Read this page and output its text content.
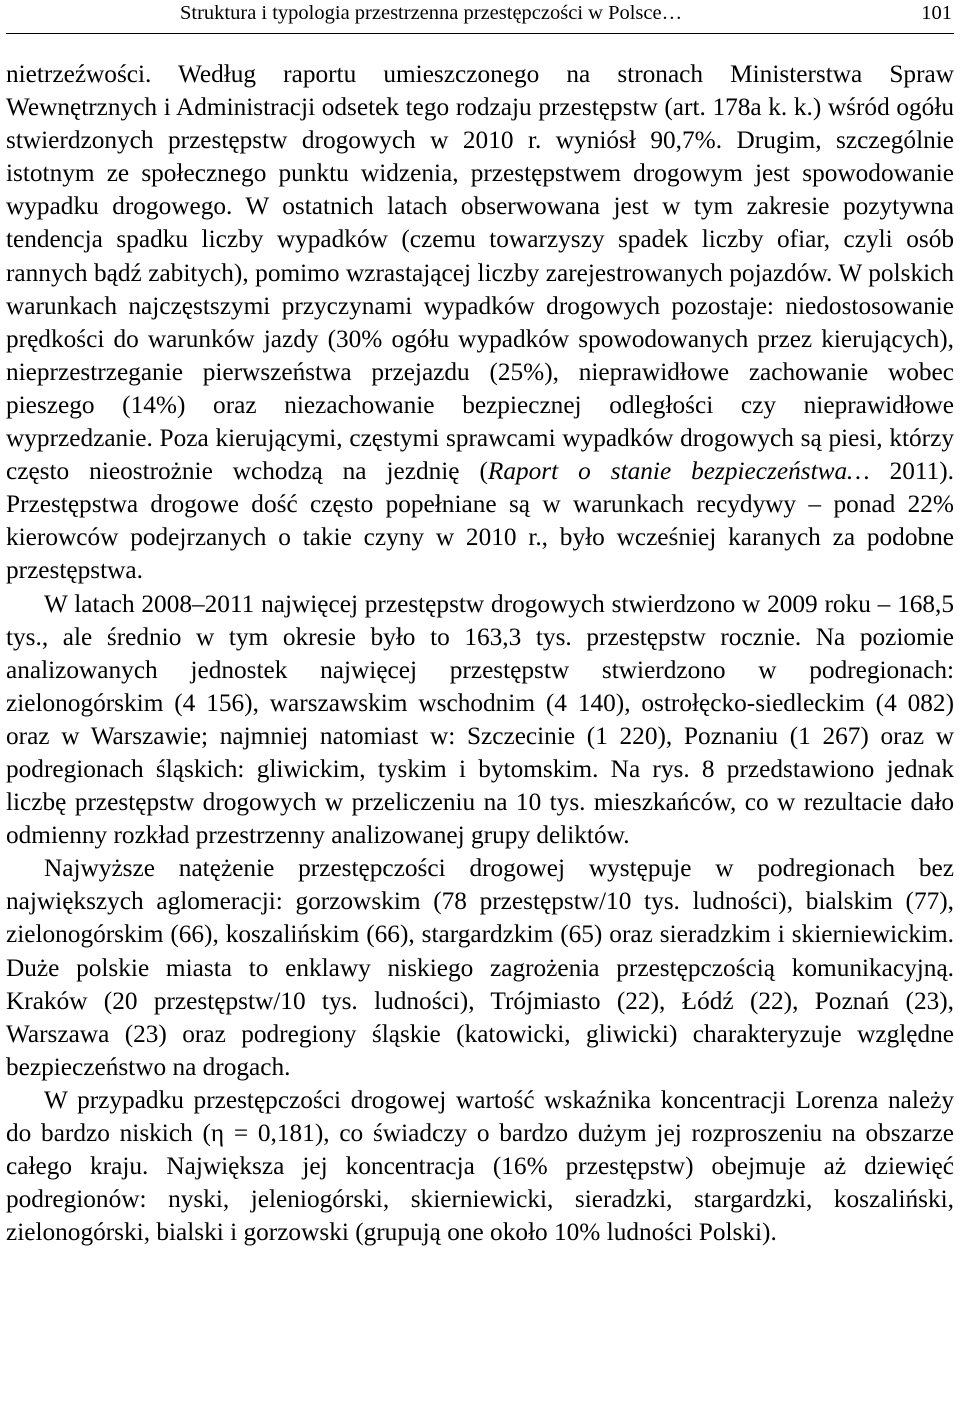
Struktura i typologia przestrzenna przestępczości w Polsce…	101

nietrzeźwości. Według raportu umieszczonego na stronach Ministerstwa Spraw Wewnętrznych i Administracji odsetek tego rodzaju przestępstw (art. 178a k. k.) wśród ogółu stwierdzonych przestępstw drogowych w 2010 r. wyniósł 90,7%. Drugim, szczególnie istotnym ze społecznego punktu widzenia, przestępstwem drogowym jest spowodowanie wypadku drogowego. W ostatnich latach obserwowana jest w tym zakresie pozytywna tendencja spadku liczby wypadków (czemu towarzyszy spadek liczby ofiar, czyli osób rannych bądź zabitych), pomimo wzrastającej liczby zarejestrowanych pojazdów. W polskich warunkach najczęstszymi przyczynami wypadków drogowych pozostaje: niedostosowanie prędkości do warunków jazdy (30% ogółu wypadków spowodowanych przez kierujących), nieprzestrzeganie pierwszeństwa przejazdu (25%), nieprawidłowe zachowanie wobec pieszego (14%) oraz niezachowanie bezpiecznej odległości czy nieprawidłowe wyprzedzanie. Poza kierującymi, częstymi sprawcami wypadków drogowych są piesi, którzy często nieostrożnie wchodzą na jezdnię (Raport o stanie bezpieczeństwa… 2011). Przestępstwa drogowe dość często popełniane są w warunkach recydywy – ponad 22% kierowców podejrzanych o takie czyny w 2010 r., było wcześniej karanych za podobne przestępstwa.

W latach 2008–2011 najwięcej przestępstw drogowych stwierdzono w 2009 roku – 168,5 tys., ale średnio w tym okresie było to 163,3 tys. przestępstw rocznie. Na poziomie analizowanych jednostek najwięcej przestępstw stwierdzono w podregionach: zielonogórskim (4 156), warszawskim wschodnim (4 140), ostrołęcko-siedleckim (4 082) oraz w Warszawie; najmniej natomiast w: Szczecinie (1 220), Poznaniu (1 267) oraz w podregionach śląskich: gliwickim, tyskim i bytomskim. Na rys. 8 przedstawiono jednak liczbę przestępstw drogowych w przeliczeniu na 10 tys. mieszkańców, co w rezultacie dało odmienny rozkład przestrzenny analizowanej grupy deliktów.

Najwyższe natężenie przestępczości drogowej występuje w podregionach bez największych aglomeracji: gorzowskim (78 przestępstw/10 tys. ludności), bialskim (77), zielonogórskim (66), koszalińskim (66), stargardzkim (65) oraz sieradzkim i skierniewickim. Duże polskie miasta to enklawy niskiego zagrożenia przestępczością komunikacyjną. Kraków (20 przestępstw/10 tys. ludności), Trójmiasto (22), Łódź (22), Poznań (23), Warszawa (23) oraz podregiony śląskie (katowicki, gliwicki) charakteryzuje względne bezpieczeństwo na drogach.

W przypadku przestępczości drogowej wartość wskaźnika koncentracji Lorenza należy do bardzo niskich (η = 0,181), co świadczy o bardzo dużym jej rozproszeniu na obszarze całego kraju. Największa jej koncentracja (16% przestępstw) obejmuje aż dziewięć podregionów: nyski, jeleniogórski, skierniewicki, sieradzki, stargardzki, koszaliński, zielonogórski, bialski i gorzowski (grupują one około 10% ludności Polski).
